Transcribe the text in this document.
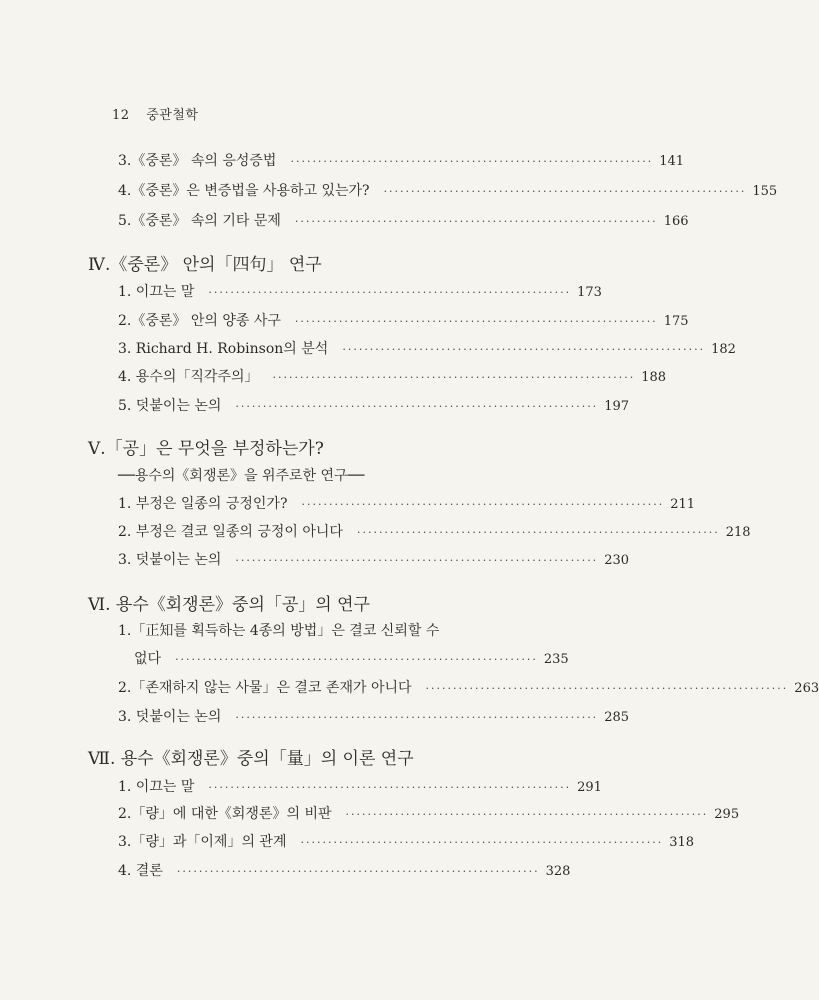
12 중관철학
3.《중론》 속의 응성증법 ·································································· 141
4.《중론》은 변증법을 사용하고 있는가? ·································································· 155
5.《중론》 속의 기타 문제 ·································································· 166
Ⅳ.《중론》 안의「四句」 연구
1. 이끄는 말 ·································································· 173
2.《중론》 안의 양종 사구 ·································································· 175
3. Richard H. Robinson의 분석 ·································································· 182
4. 용수의「직각주의」 ·································································· 188
5. 덧붙이는 논의 ·································································· 197
Ⅴ.「공」은 무엇을 부정하는가?
──용수의《회쟁론》을 위주로한 연구──
1. 부정은 일종의 긍정인가? ·································································· 211
2. 부정은 결코 일종의 긍정이 아니다 ·································································· 218
3. 덧붙이는 논의 ·································································· 230
Ⅵ. 용수《회쟁론》중의「공」의 연구
1.「正知를 획득하는 4종의 방법」은 결코 신뢰할 수
없다 ·································································· 235
2.「존재하지 않는 사물」은 결코 존재가 아니다 ·································································· 263
3. 덧붙이는 논의 ·································································· 285
Ⅶ. 용수《회쟁론》중의「量」의 이론 연구
1. 이끄는 말 ·································································· 291
2.「량」에 대한《회쟁론》의 비판 ·································································· 295
3.「량」과「이제」의 관계 ·································································· 318
4. 결론 ·································································· 328
